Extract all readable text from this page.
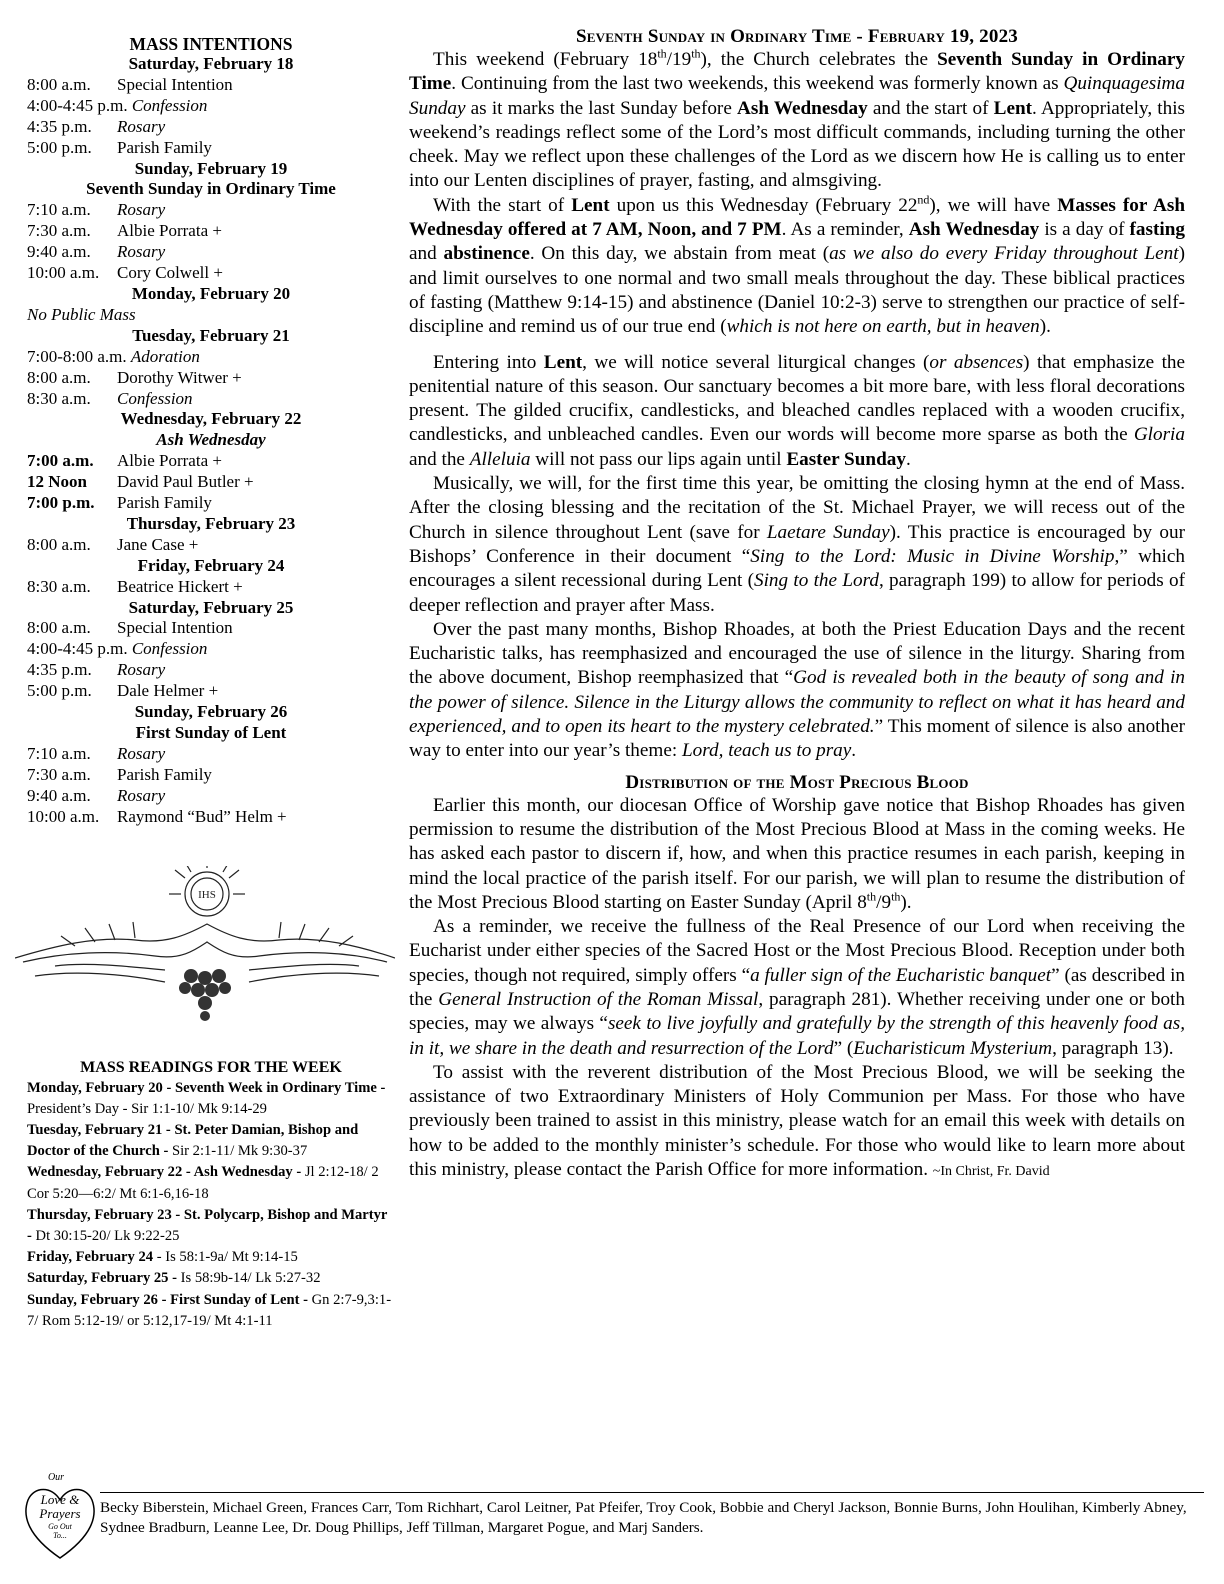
MASS INTENTIONS
Saturday, February 18
8:00 a.m. Special Intention
4:00-4:45 p.m. Confession
4:35 p.m. Rosary
5:00 p.m. Parish Family
Sunday, February 19
Seventh Sunday in Ordinary Time
7:10 a.m. Rosary
7:30 a.m. Albie Porrata +
9:40 a.m. Rosary
10:00 a.m. Cory Colwell +
Monday, February 20
No Public Mass
Tuesday, February 21
7:00-8:00 a.m. Adoration
8:00 a.m. Dorothy Witwer +
8:30 a.m. Confession
Wednesday, February 22
Ash Wednesday
7:00 a.m. Albie Porrata +
12 Noon David Paul Butler +
7:00 p.m. Parish Family
Thursday, February 23
8:00 a.m. Jane Case +
Friday, February 24
8:30 a.m. Beatrice Hickert +
Saturday, February 25
8:00 a.m. Special Intention
4:00-4:45 p.m. Confession
4:35 p.m. Rosary
5:00 p.m. Dale Helmer +
Sunday, February 26
First Sunday of Lent
7:10 a.m. Rosary
7:30 a.m. Parish Family
9:40 a.m. Rosary
10:00 a.m. Raymond “Bud” Helm +
IHS
MASS READINGS FOR THE WEEK

Monday, February 20 - Seventh Week in Ordinary Time - President’s Day - Sir 1:1-10/ Mk 9:14-29

Tuesday, February 21 - St. Peter Damian, Bishop and Doctor of the Church - Sir 2:1-11/ Mk 9:30-37

Wednesday, February 22 - Ash Wednesday - Jl 2:12-18/ 2 Cor 5:20—6:2/ Mt 6:1-6,16-18

Thursday, February 23 - St. Polycarp, Bishop and Martyr - Dt 30:15-20/ Lk 9:22-25

Friday, February 24 - Is 58:1-9a/ Mt 9:14-15

Saturday, February 25 - Is 58:9b-14/ Lk 5:27-32

Sunday, February 26 - First Sunday of Lent - Gn 2:7-9,3:1-7/ Rom 5:12-19/ or 5:12,17-19/ Mt 4:1-11

Seventh Sunday in Ordinary Time - February 19, 2023

This weekend (February 18th/19th), the Church celebrates the Seventh Sunday in Ordinary Time. Continuing from the last two weekends, this weekend was formerly known as Quinquagesima Sunday as it marks the last Sunday before Ash Wednesday and the start of Lent. Appropriately, this weekend’s readings reflect some of the Lord’s most difficult commands, including turning the other cheek. May we reflect upon these challenges of the Lord as we discern how He is calling us to enter into our Lenten disciplines of prayer, fasting, and almsgiving.

With the start of Lent upon us this Wednesday (February 22nd), we will have Masses for Ash Wednesday offered at 7 AM, Noon, and 7 PM. As a reminder, Ash Wednesday is a day of fasting and abstinence. On this day, we abstain from meat (as we also do every Friday throughout Lent) and limit ourselves to one normal and two small meals throughout the day. These biblical practices of fasting (Matthew 9:14-15) and abstinence (Daniel 10:2-3) serve to strengthen our practice of self-discipline and remind us of our true end (which is not here on earth, but in heaven).

Entering into Lent, we will notice several liturgical changes (or absences) that emphasize the penitential nature of this season. Our sanctuary becomes a bit more bare, with less floral decorations present. The gilded crucifix, candlesticks, and bleached candles replaced with a wooden crucifix, candlesticks, and unbleached candles. Even our words will become more sparse as both the Gloria and the Alleluia will not pass our lips again until Easter Sunday.

Musically, we will, for the first time this year, be omitting the closing hymn at the end of Mass. After the closing blessing and the recitation of the St. Michael Prayer, we will recess out of the Church in silence throughout Lent (save for Laetare Sunday). This practice is encouraged by our Bishops’ Conference in their document “Sing to the Lord: Music in Divine Worship,” which encourages a silent recessional during Lent (Sing to the Lord, paragraph 199) to allow for periods of deeper reflection and prayer after Mass.

Over the past many months, Bishop Rhoades, at both the Priest Education Days and the recent Eucharistic talks, has reemphasized and encouraged the use of silence in the liturgy. Sharing from the above document, Bishop reemphasized that “God is revealed both in the beauty of song and in the power of silence. Silence in the Liturgy allows the community to reflect on what it has heard and experienced, and to open its heart to the mystery celebrated.” This moment of silence is also another way to enter into our year’s theme: Lord, teach us to pray.

Distribution of the Most Precious Blood

Earlier this month, our diocesan Office of Worship gave notice that Bishop Rhoades has given permission to resume the distribution of the Most Precious Blood at Mass in the coming weeks. He has asked each pastor to discern if, how, and when this practice resumes in each parish, keeping in mind the local practice of the parish itself. For our parish, we will plan to resume the distribution of the Most Precious Blood starting on Easter Sunday (April 8th/9th).

As a reminder, we receive the fullness of the Real Presence of our Lord when receiving the Eucharist under either species of the Sacred Host or the Most Precious Blood. Reception under both species, though not required, simply offers “a fuller sign of the Eucharistic banquet” (as described in the General Instruction of the Roman Missal, paragraph 281). Whether receiving under one or both species, may we always “seek to live joyfully and gratefully by the strength of this heavenly food as, in it, we share in the death and resurrection of the Lord” (Eucharisticum Mysterium, paragraph 13).

To assist with the reverent distribution of the Most Precious Blood, we will be seeking the assistance of two Extraordinary Ministers of Holy Communion per Mass. For those who have previously been trained to assist in this ministry, please watch for an email this week with details on how to be added to the monthly minister’s schedule. For those who would like to learn more about this ministry, please contact the Parish Office for more information. ~In Christ, Fr. David

Our
Love &
Prayers
Go Out
To...
Becky Biberstein, Michael Green, Frances Carr, Tom Richhart, Carol Leitner, Pat Pfeifer, Troy Cook, Bobbie and Cheryl Jackson, Bonnie Burns, John Houlihan, Kimberly Abney, Sydnee Bradburn, Leanne Lee, Dr. Doug Phillips, Jeff Tillman, Margaret Pogue, and Marj Sanders.
